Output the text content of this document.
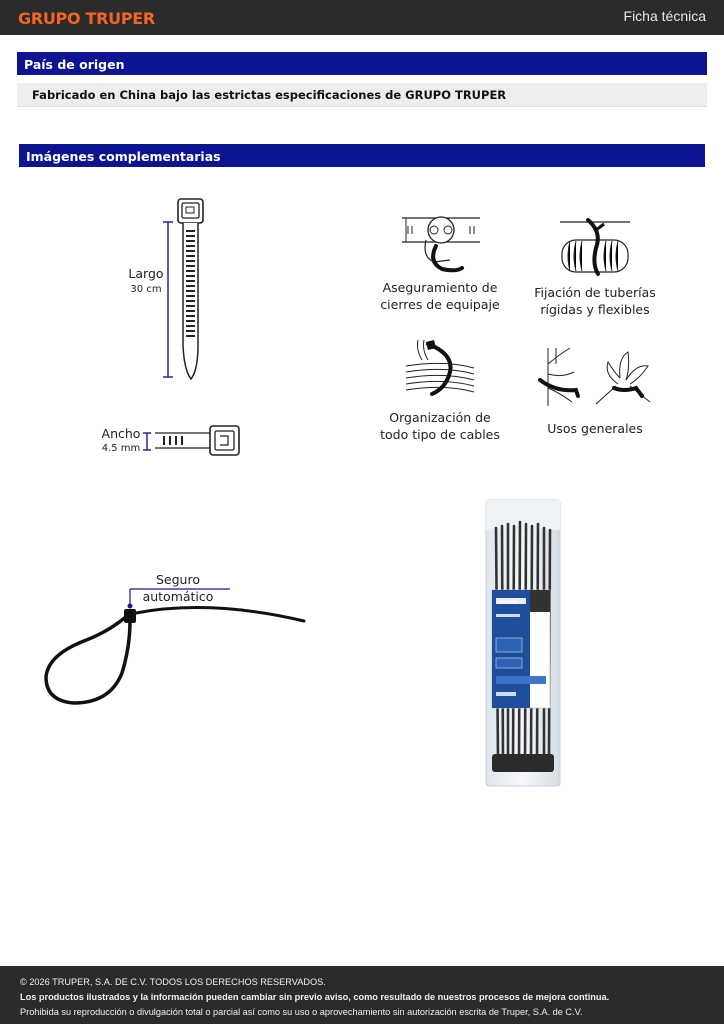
GRUPO TRUPER	Ficha técnica
País de origen
Fabricado en China bajo las estrictas especificaciones de GRUPO TRUPER
Imágenes complementarias
Largo
30 cm
Ancho
4.5 mm
Aseguramiento de
cierres de equipaje
Fijación de tuberías
rígidas y flexibles
Organización de
todo tipo de cables	Usos generales
Seguro automático	VOLTECK
© 2026 TRUPER, S.A. DE C.V. TODOS LOS DERECHOS RESERVADOS.
Los productos ilustrados y la información pueden cambiar sin previo aviso, como resultado de nuestros procesos de mejora continua.
Prohibida su reproducción o divulgación total o parcial así como su uso o aprovechamiento sin autorización escrita de Truper, S.A. de C.V.
